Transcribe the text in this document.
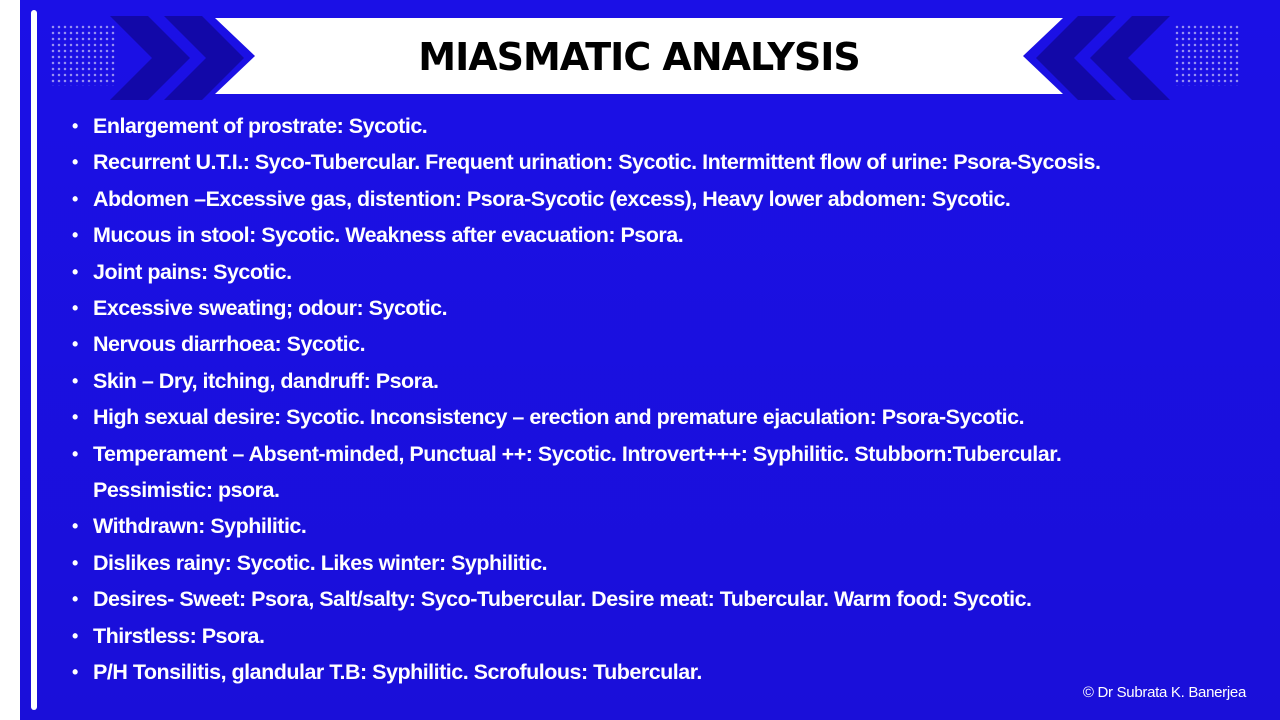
MIASMATIC ANALYSIS
• Enlargement of prostrate: Sycotic.
• Recurrent U.T.I.: Syco-Tubercular. Frequent urination: Sycotic. Intermittent flow of urine: Psora-Sycosis.
• Abdomen –Excessive gas, distention: Psora-Sycotic (excess), Heavy lower abdomen: Sycotic.
• Mucous in stool: Sycotic. Weakness after evacuation: Psora.
• Joint pains: Sycotic.
• Excessive sweating; odour: Sycotic.
• Nervous diarrhoea: Sycotic.
• Skin – Dry, itching, dandruff: Psora.
• High sexual desire: Sycotic. Inconsistency – erection and premature ejaculation: Psora-Sycotic.
• Temperament – Absent-minded, Punctual ++: Sycotic. Introvert+++: Syphilitic. Stubborn:Tubercular.
Pessimistic: psora.
• Withdrawn: Syphilitic.
• Dislikes rainy: Sycotic. Likes winter: Syphilitic.
• Desires- Sweet: Psora, Salt/salty: Syco-Tubercular. Desire meat: Tubercular. Warm food: Sycotic.
• Thirstless: Psora.
• P/H Tonsilitis, glandular T.B: Syphilitic. Scrofulous: Tubercular.
© Dr Subrata K. Banerjea
